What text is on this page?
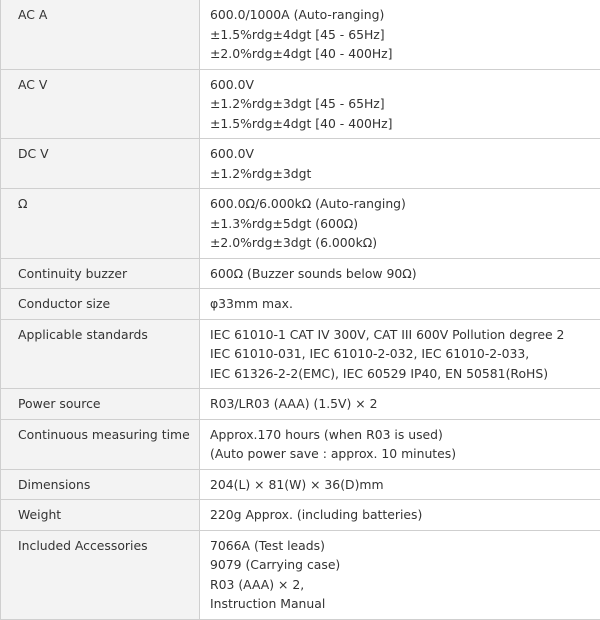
AC A	600.0/1000A (Auto-ranging)
±1.5%rdg±4dgt [45 - 65Hz]
±2.0%rdg±4dgt [40 - 400Hz]

AC V	600.0V
±1.2%rdg±3dgt [45 - 65Hz]
±1.5%rdg±4dgt [40 - 400Hz]

DC V	600.0V
±1.2%rdg±3dgt

Ω	600.0Ω/6.000kΩ (Auto-ranging)
±1.3%rdg±5dgt (600Ω)
±2.0%rdg±3dgt (6.000kΩ)

Continuity buzzer	600Ω (Buzzer sounds below 90Ω)

Conductor size	φ33mm max.

Applicable standards	IEC 61010-1 CAT IV 300V, CAT III 600V Pollution degree 2
IEC 61010-031, IEC 61010-2-032, IEC 61010-2-033,
IEC 61326-2-2(EMC), IEC 60529 IP40, EN 50581(RoHS)

Power source	R03/LR03 (AAA) (1.5V) × 2

Continuous measuring time	Approx.170 hours (when R03 is used)
(Auto power save : approx. 10 minutes)

Dimensions	204(L) × 81(W) × 36(D)mm

Weight	220g Approx. (including batteries)

Included Accessories	7066A (Test leads)
9079 (Carrying case)
R03 (AAA) × 2,
Instruction Manual
